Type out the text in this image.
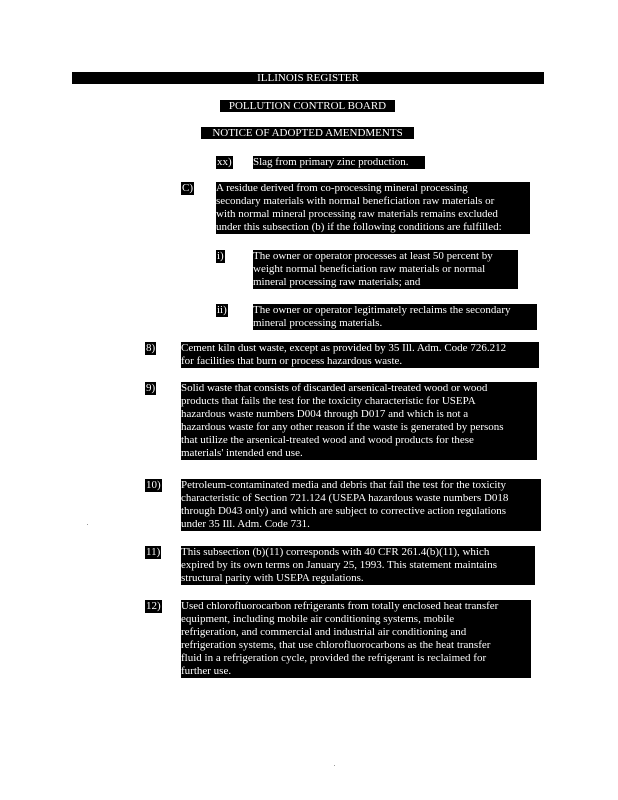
ILLINOIS REGISTER
POLLUTION CONTROL BOARD
NOTICE OF ADOPTED AMENDMENTS
xx) Slag from primary zinc production.
C) A residue derived from co-processing mineral processing
secondary materials with normal beneficiation raw materials or
with normal mineral processing raw materials remains excluded
under this subsection (b) if the following conditions are fulfilled:
i)	The owner or operator processes at least 50 percent by
weight normal beneficiation raw materials or normal
mineral processing raw materials; and
ii) The owner or operator legitimately reclaims the secondary
mineral processing materials.
8) Cement kiln dust waste, except as provided by 35 Ill. Adm. Code 726.212
for facilities that burn or process hazardous waste.
9) Solid waste that consists of discarded arsenical-treated wood or wood
products that fails the test for the toxicity characteristic for USEPA
hazardous waste numbers D004 through D017 and which is not a
hazardous waste for any other reason if the waste is generated by persons
that utilize the arsenical-treated wood and wood products for these
materials' intended end use.
10) Petroleum-contaminated media and debris that fail the test for the toxicity
characteristic of Section 721.124 (USEPA hazardous waste numbers D018
through D043 only) and which are subject to corrective action regulations
under 35 Ill. Adm. Code 731.
11) This subsection (b)(11) corresponds with 40 CFR 261.4(b)(11), which
expired by its own terms on January 25, 1993. This statement maintains
structural parity with USEPA regulations.
12) Used chlorofluorocarbon refrigerants from totally enclosed heat transfer
equipment, including mobile air conditioning systems, mobile
refrigeration, and commercial and industrial air conditioning and
refrigeration systems, that use chlorofluorocarbons as the heat transfer
fluid in a refrigeration cycle, provided the refrigerant is reclaimed for
further use.
